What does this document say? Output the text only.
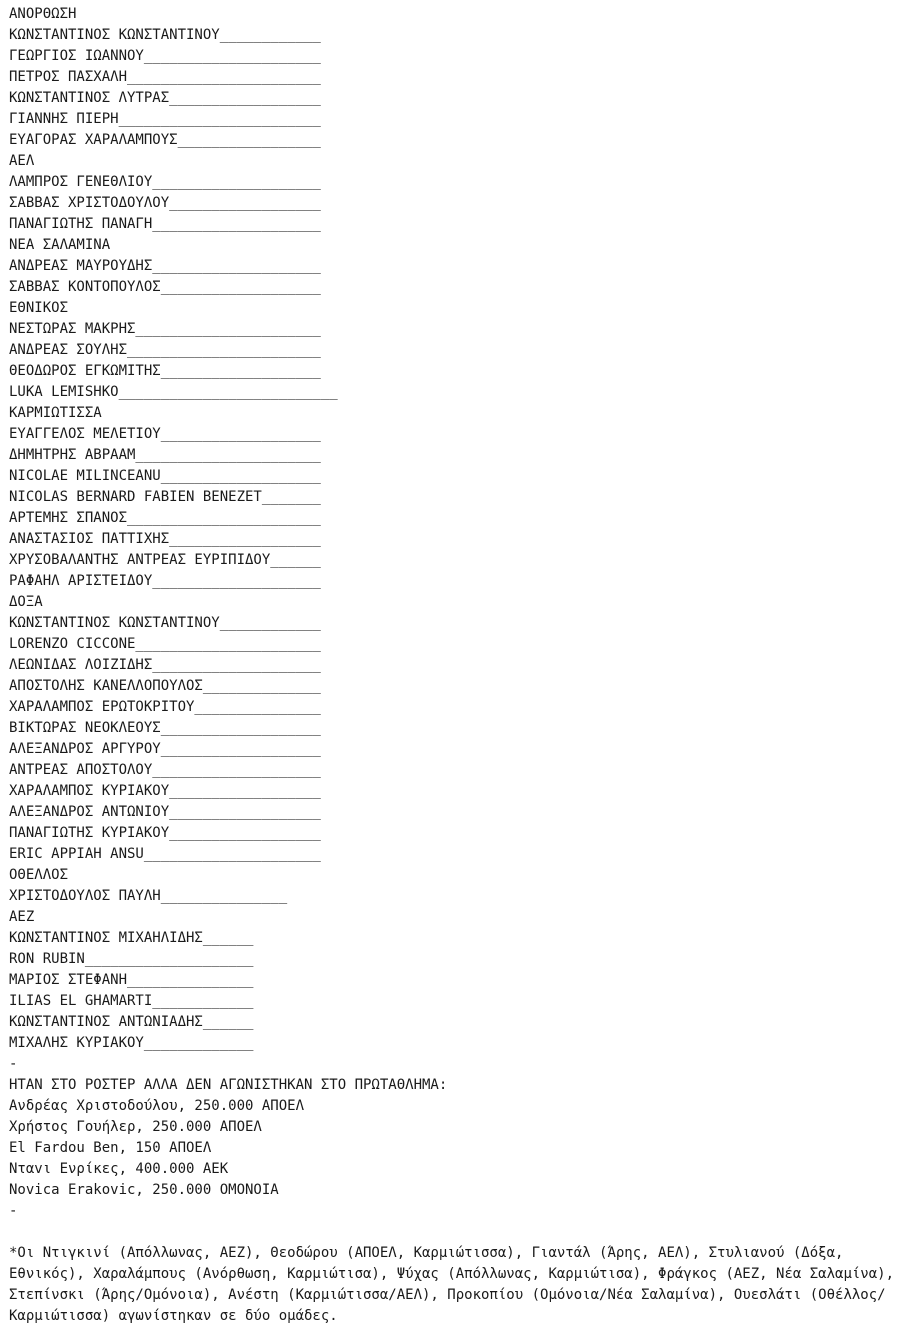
ΑΝΟΡΘΩΣΗ
ΚΩΝΣΤΑΝΤΙΝΟΣ ΚΩΝΣΤΑΝΤΙΝΟΥ____________
ΓΕΩΡΓΙΟΣ ΙΩΑΝΝΟΥ_____________________
ΠΕΤΡΟΣ ΠΑΣΧΑΛΗ_______________________
ΚΩΝΣΤΑΝΤΙΝΟΣ ΛΥΤΡΑΣ__________________
ΓΙΑΝΝΗΣ ΠΙΕΡΗ________________________
ΕΥΑΓΟΡΑΣ ΧΑΡΑΛΑΜΠΟΥΣ_________________
ΑΕΛ
ΛΑΜΠΡΟΣ ΓΕΝΕΘΛΙΟΥ____________________
ΣΑΒΒΑΣ ΧΡΙΣΤΟΔΟΥΛΟΥ__________________
ΠΑΝΑΓΙΩΤΗΣ ΠΑΝΑΓΗ____________________
ΝΕΑ ΣΑΛΑΜΙΝΑ
ΑΝΔΡΕΑΣ ΜΑΥΡΟΥΔΗΣ____________________
ΣΑΒΒΑΣ ΚΟΝΤΟΠΟΥΛΟΣ___________________
ΕΘΝΙΚΟΣ
ΝΕΣΤΩΡΑΣ ΜΑΚΡΗΣ______________________
ΑΝΔΡΕΑΣ ΣΟΥΛΗΣ_______________________
ΘΕΟΔΩΡΟΣ ΕΓΚΩΜΙΤΗΣ___________________
LUKA LEMISHKO__________________________
ΚΑΡΜΙΩΤΙΣΣΑ
ΕΥΑΓΓΕΛΟΣ ΜΕΛΕΤΙΟΥ___________________
ΔΗΜΗΤΡΗΣ ΑΒΡΑΑΜ______________________
NICOLAE MILINCEANU___________________
NICOLAS BERNARD FABIEN BENEZET_______
ΑΡΤΕΜΗΣ ΣΠΑΝΟΣ_______________________
ΑΝΑΣΤΑΣΙΟΣ ΠΑΤΤΙΧΗΣ__________________
ΧΡΥΣΟΒΑΛΑΝΤΗΣ ΑΝΤΡΕΑΣ ΕΥΡΙΠΙΔΟΥ______
ΡΑΦΑΗΛ ΑΡΙΣΤΕΙΔΟΥ____________________
ΔΟΞΑ
ΚΩΝΣΤΑΝΤΙΝΟΣ ΚΩΝΣΤΑΝΤΙΝΟΥ____________
LORENZO CICCONE______________________
ΛΕΩΝΙΔΑΣ ΛΟΙΖΙΔΗΣ____________________
ΑΠΟΣΤΟΛΗΣ ΚΑΝΕΛΛΟΠΟΥΛΟΣ______________
ΧΑΡΑΛΑΜΠΟΣ ΕΡΩΤΟΚΡΙΤΟΥ_______________
ΒΙΚΤΩΡΑΣ ΝΕΟΚΛΕΟΥΣ___________________
ΑΛΕΞΑΝΔΡΟΣ ΑΡΓΥΡΟΥ___________________
ΑΝΤΡΕΑΣ ΑΠΟΣΤΟΛΟΥ____________________
ΧΑΡΑΛΑΜΠΟΣ ΚΥΡΙΑΚΟΥ__________________
ΑΛΕΞΑΝΔΡΟΣ ΑΝΤΩΝΙΟΥ__________________
ΠΑΝΑΓΙΩΤΗΣ ΚΥΡΙΑΚΟΥ__________________
ERIC APPIAH ANSU_____________________
ΟΘΕΛΛΟΣ
ΧΡΙΣΤΟΔΟΥΛΟΣ ΠΑΥΛΗ_______________
ΑΕΖ
ΚΩΝΣΤΑΝΤΙΝΟΣ ΜΙΧΑΗΛΙΔΗΣ______
RON RUBIN____________________
ΜΑΡΙΟΣ ΣΤΕΦΑΝΗ_______________
ILIAS EL GHAMARTI____________
ΚΩΝΣΤΑΝΤΙΝΟΣ ΑΝΤΩΝΙΑΔΗΣ______
ΜΙΧΑΛΗΣ ΚΥΡΙΑΚΟΥ_____________
-
ΗΤΑΝ ΣΤΟ ΡΟΣΤΕΡ ΑΛΛΑ ΔΕΝ ΑΓΩΝΙΣΤΗΚΑΝ ΣΤΟ ΠΡΩΤΑΘΛΗΜΑ:
Ανδρέας Χριστοδούλου, 250.000 ΑΠΟΕΛ
Χρήστος Γουήλερ, 250.000 ΑΠΟΕΛ
El Fardou Ben, 150 ΑΠΟΕΛ
Νταvι Ενρίκες, 400.000 ΑΕΚ
Novica Erakovic, 250.000 ΟΜΟΝΟΙΑ
-
*Οι Ντιγκινί (Απόλλωνας, ΑΕΖ), Θεοδώρου (ΑΠΟΕΛ, Καρμιώτισσα), Γιαντάλ (Άρης, ΑΕΛ), Στυλιανού (Δόξα, Εθνικός), Χαραλάμπους (Ανόρθωση, Καρμιώτισα), Ψύχας (Απόλλωνας, Καρμιώτισα), Φράγκος (ΑΕΖ, Νέα Σαλαμίνα), Στεπίνσκι (Άρης/Ομόνοια), Ανέστη (Καρμιώτισσα/ΑΕΛ), Προκοπίου (Ομόνοια/Νέα Σαλαμίνα), Ουεσλάτι (Οθέλλος/Καρμιώτισσα) αγωνίστηκαν σε δύο ομάδες.
